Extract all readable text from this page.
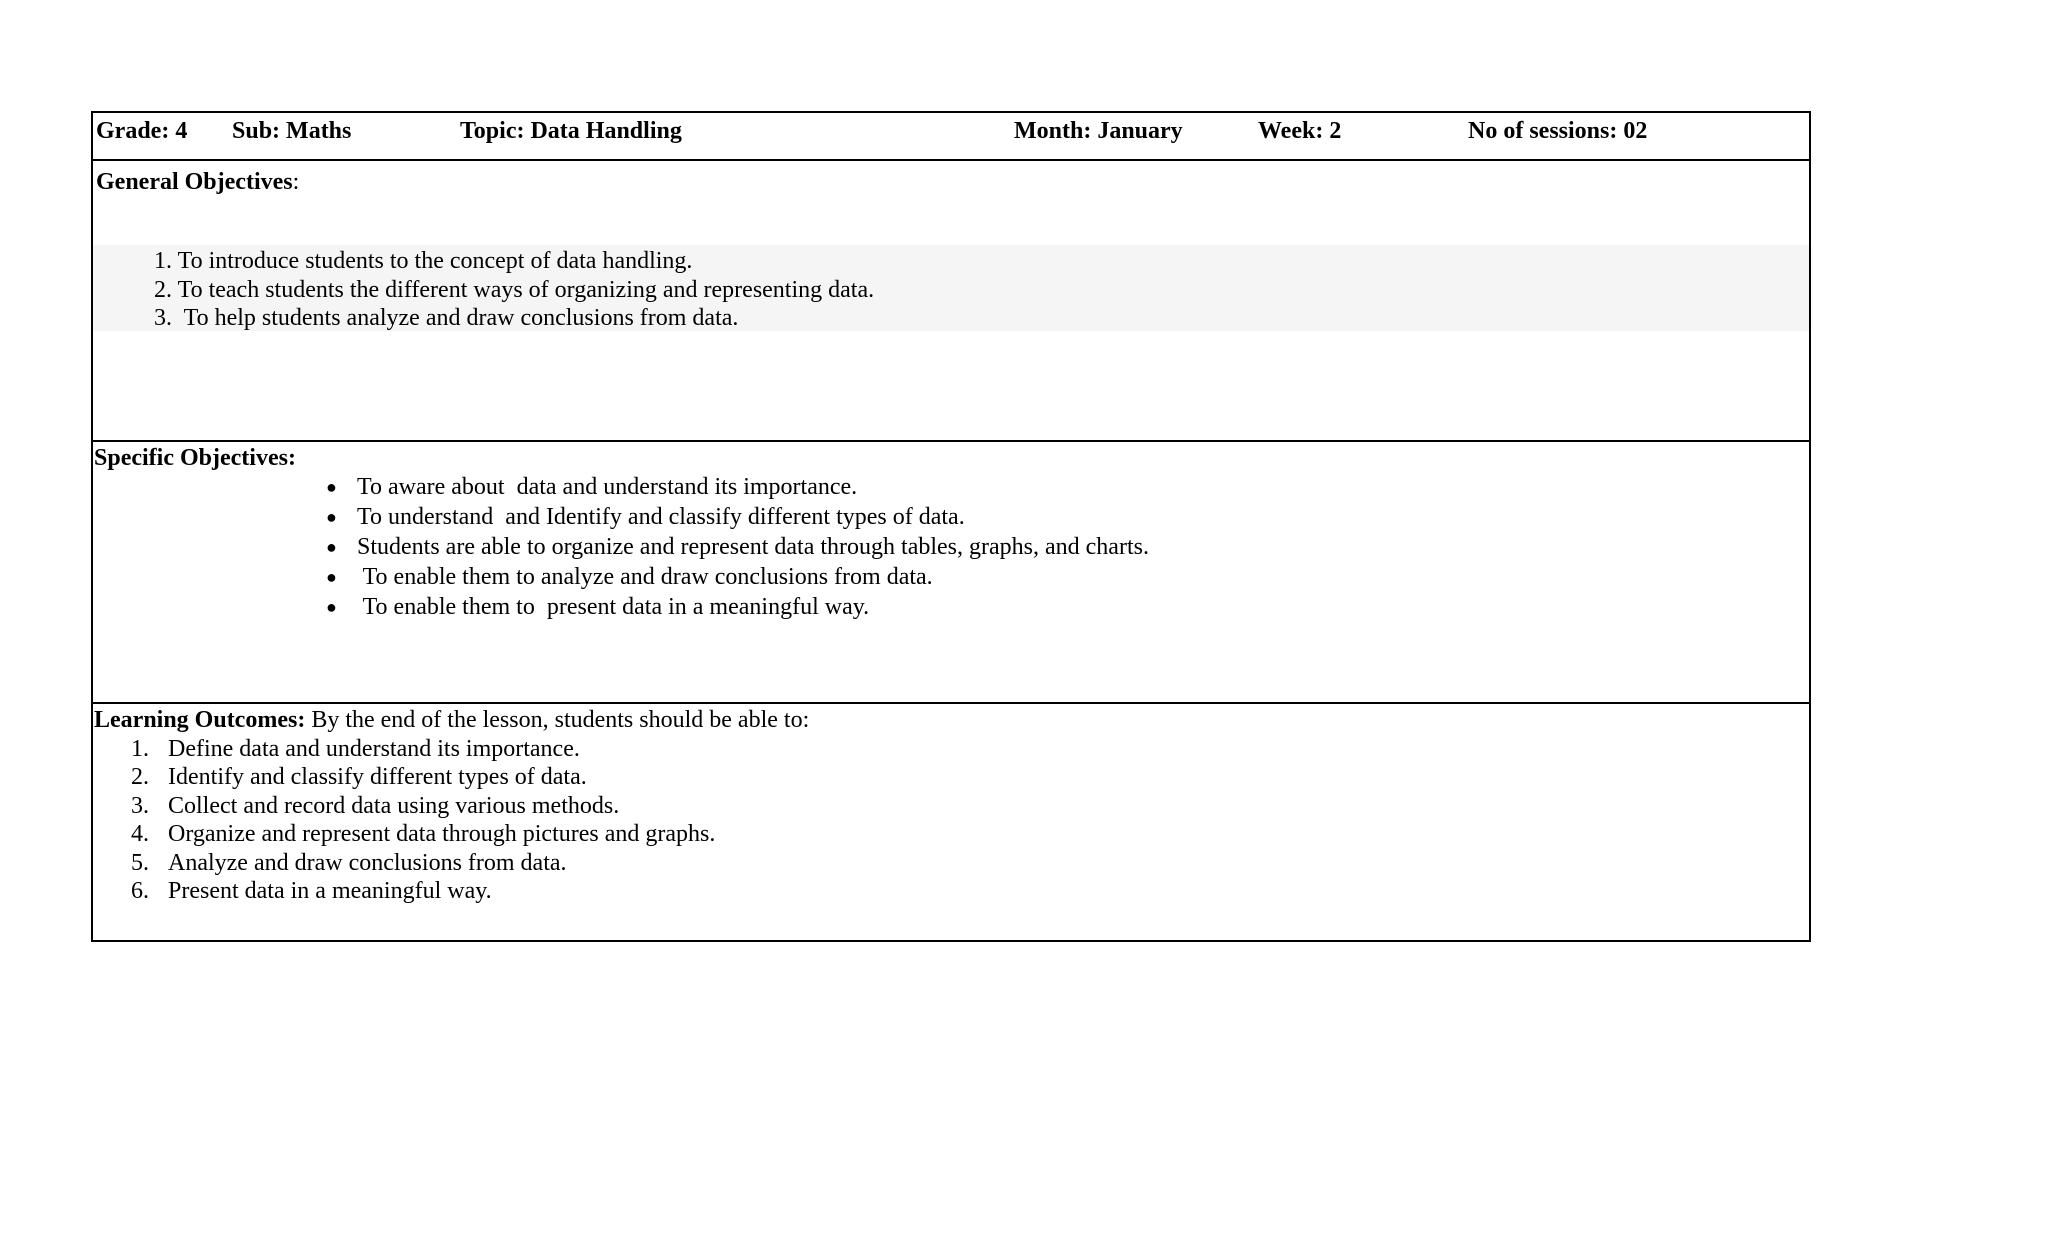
Grade: 4 Sub: Maths	Topic: Data Handling	Month: January	Week: 2	No of sessions: 02
General Objectives:
1. To introduce students to the concept of data handling.
2. To teach students the different ways of organizing and representing data.
3. To help students analyze and draw conclusions from data.
Specific Objectives:
● To aware about  data and understand its importance.
● To understand  and Identify and classify different types of data.
● Students are able to organize and represent data through tables, graphs, and charts.
● To enable them to analyze and draw conclusions from data.
● To enable them to  present data in a meaningful way.
Learning Outcomes: By the end of the lesson, students should be able to:
1. Define data and understand its importance.
2. Identify and classify different types of data.
3. Collect and record data using various methods.
4. Organize and represent data through pictures and graphs.
5. Analyze and draw conclusions from data.
6. Present data in a meaningful way.
